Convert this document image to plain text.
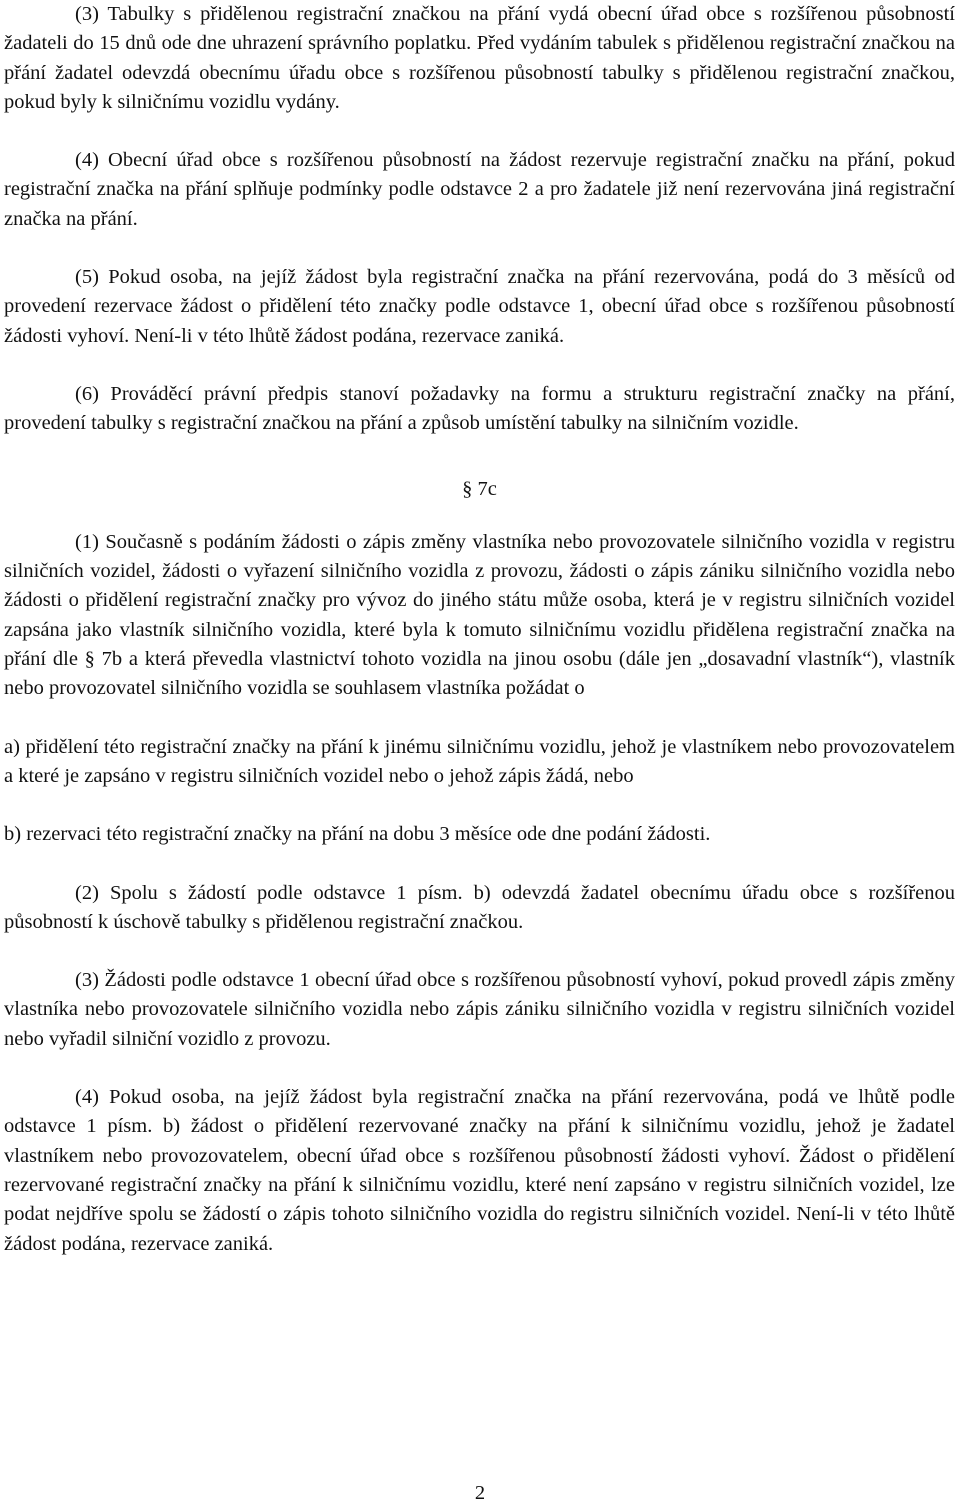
(3) Tabulky s přidělenou registrační značkou na přání vydá obecní úřad obce s rozšířenou působností žadateli do 15 dnů ode dne uhrazení správního poplatku. Před vydáním tabulek s přidělenou registrační značkou na přání žadatel odevzdá obecnímu úřadu obce s rozšířenou působností tabulky s přidělenou registrační značkou, pokud byly k silničnímu vozidlu vydány.

(4) Obecní úřad obce s rozšířenou působností na žádost rezervuje registrační značku na přání, pokud registrační značka na přání splňuje podmínky podle odstavce 2 a pro žadatele již není rezervována jiná registrační značka na přání.

(5) Pokud osoba, na jejíž žádost byla registrační značka na přání rezervována, podá do 3 měsíců od provedení rezervace žádost o přidělení této značky podle odstavce 1, obecní úřad obce s rozšířenou působností žádosti vyhoví. Není-li v této lhůtě žádost podána, rezervace zaniká.

(6) Prováděcí právní předpis stanoví požadavky na formu a strukturu registrační značky na přání, provedení tabulky s registrační značkou na přání a způsob umístění tabulky na silničním vozidle.

§ 7c

(1) Současně s podáním žádosti o zápis změny vlastníka nebo provozovatele silničního vozidla v registru silničních vozidel, žádosti o vyřazení silničního vozidla z provozu, žádosti o zápis zániku silničního vozidla nebo žádosti o přidělení registrační značky pro vývoz do jiného státu může osoba, která je v registru silničních vozidel zapsána jako vlastník silničního vozidla, které byla k tomuto silničnímu vozidlu přidělena registrační značka na přání dle § 7b a která převedla vlastnictví tohoto vozidla na jinou osobu (dále jen „dosavadní vlastník“), vlastník nebo provozovatel silničního vozidla se souhlasem vlastníka požádat o

a) přidělení této registrační značky na přání k jinému silničnímu vozidlu, jehož je vlastníkem nebo provozovatelem a které je zapsáno v registru silničních vozidel nebo o jehož zápis žádá, nebo

b) rezervaci této registrační značky na přání na dobu 3 měsíce ode dne podání žádosti.

(2) Spolu s žádostí podle odstavce 1 písm. b) odevzdá žadatel obecnímu úřadu obce s rozšířenou působností k úschově tabulky s přidělenou registrační značkou.

(3) Žádosti podle odstavce 1 obecní úřad obce s rozšířenou působností vyhoví, pokud provedl zápis změny vlastníka nebo provozovatele silničního vozidla nebo zápis zániku silničního vozidla v registru silničních vozidel nebo vyřadil silniční vozidlo z provozu.

(4) Pokud osoba, na jejíž žádost byla registrační značka na přání rezervována, podá ve lhůtě podle odstavce 1 písm. b) žádost o přidělení rezervované značky na přání k silničnímu vozidlu, jehož je žadatel vlastníkem nebo provozovatelem, obecní úřad obce s rozšířenou působností žádosti vyhoví. Žádost o přidělení rezervované registrační značky na přání k silničnímu vozidlu, které není zapsáno v registru silničních vozidel, lze podat nejdříve spolu se žádostí o zápis tohoto silničního vozidla do registru silničních vozidel. Není-li v této lhůtě žádost podána, rezervace zaniká.

2
